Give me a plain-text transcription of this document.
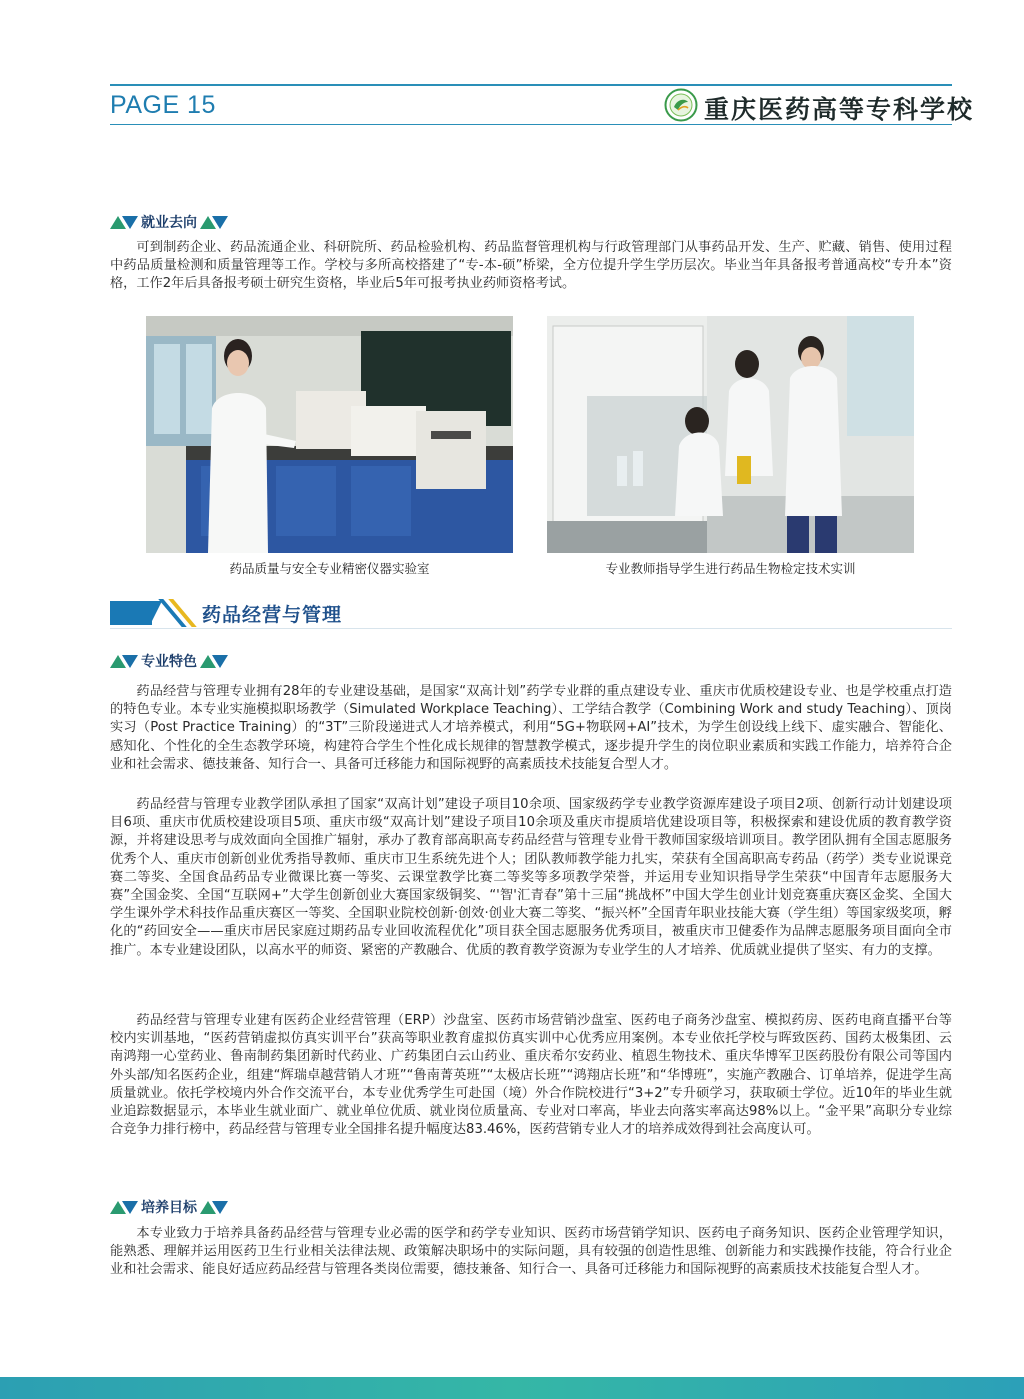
PAGE 15	重庆医药高等专科学校
就业去向
可到制药企业、药品流通企业、科研院所、药品检验机构、药品监督管理机构与行政管理部门从事药品开发、生产、贮藏、销售、使用过程中药品质量检测和质量管理等工作。学校与多所高校搭建了“专-本-硕”桥梁，全方位提升学生学历层次。毕业当年具备报考普通高校“专升本”资格，工作2年后具备报考硕士研究生资格，毕业后5年可报考执业药师资格考试。
药品质量与安全专业精密仪器实验室	专业教师指导学生进行药品生物检定技术实训
药品经营与管理
专业特色
药品经营与管理专业拥有28年的专业建设基础，是国家“双高计划”药学专业群的重点建设专业、重庆市优质校建设专业、也是学校重点打造的特色专业。本专业实施模拟职场教学（Simulated Workplace Teaching）、工学结合教学（Combining Work and study Teaching）、顶岗实习（Post Practice Training）的“3T”三阶段递进式人才培养模式，利用“5G+物联网+AI”技术，为学生创设线上线下、虚实融合、智能化、感知化、个性化的全生态教学环境，构建符合学生个性化成长规律的智慧教学模式，逐步提升学生的岗位职业素质和实践工作能力，培养符合企业和社会需求、德技兼备、知行合一、具备可迁移能力和国际视野的高素质技术技能复合型人才。
药品经营与管理专业教学团队承担了国家“双高计划”建设子项目10余项、国家级药学专业教学资源库建设子项目2项、创新行动计划建设项目6项、重庆市优质校建设项目5项、重庆市级“双高计划”建设子项目10余项及重庆市提质培优建设项目等，积极探索和建设优质的教育教学资源，并将建设思考与成效面向全国推广辐射，承办了教育部高职高专药品经营与管理专业骨干教师国家级培训项目。教学团队拥有全国志愿服务优秀个人、重庆市创新创业优秀指导教师、重庆市卫生系统先进个人；团队教师教学能力扎实，荣获有全国高职高专药品（药学）类专业说课竞赛二等奖、全国食品药品专业微课比赛一等奖、云课堂教学比赛二等奖等多项教学荣誉，并运用专业知识指导学生荣获“中国青年志愿服务大赛”全国金奖、全国“互联网+”大学生创新创业大赛国家级铜奖、“'智'汇青春”第十三届“挑战杯”中国大学生创业计划竞赛重庆赛区金奖、全国大学生课外学术科技作品重庆赛区一等奖、全国职业院校创新·创效·创业大赛二等奖、“振兴杯”全国青年职业技能大赛（学生组）等国家级奖项，孵化的“药回安全——重庆市居民家庭过期药品专业回收流程优化”项目获全国志愿服务优秀项目，被重庆市卫健委作为品牌志愿服务项目面向全市推广。本专业建设团队，以高水平的师资、紧密的产教融合、优质的教育教学资源为专业学生的人才培养、优质就业提供了坚实、有力的支撑。
药品经营与管理专业建有医药企业经营管理（ERP）沙盘室、医药市场营销沙盘室、医药电子商务沙盘室、模拟药房、医药电商直播平台等校内实训基地，“医药营销虚拟仿真实训平台”获高等职业教育虚拟仿真实训中心优秀应用案例。本专业依托学校与晖致医药、国药太极集团、云南鸿翔一心堂药业、鲁南制药集团新时代药业、广药集团白云山药业、重庆希尔安药业、植恩生物技术、重庆华博军卫医药股份有限公司等国内外头部/知名医药企业，组建“辉瑞卓越营销人才班”“鲁南菁英班”“太极店长班”“鸿翔店长班”和“华博班”，实施产教融合、订单培养，促进学生高质量就业。依托学校境内外合作交流平台，本专业优秀学生可赴国（境）外合作院校进行“3+2”专升硕学习，获取硕士学位。近10年的毕业生就业追踪数据显示，本毕业生就业面广、就业单位优质、就业岗位质量高、专业对口率高，毕业去向落实率高达98%以上。“金平果”高职分专业综合竞争力排行榜中，药品经营与管理专业全国排名提升幅度达83.46%，医药营销专业人才的培养成效得到社会高度认可。
培养目标
本专业致力于培养具备药品经营与管理专业必需的医学和药学专业知识、医药市场营销学知识、医药电子商务知识、医药企业管理学知识，能熟悉、理解并运用医药卫生行业相关法律法规、政策解决职场中的实际问题，具有较强的创造性思维、创新能力和实践操作技能，符合行业企业和社会需求、能良好适应药品经营与管理各类岗位需要，德技兼备、知行合一、具备可迁移能力和国际视野的高素质技术技能复合型人才。
